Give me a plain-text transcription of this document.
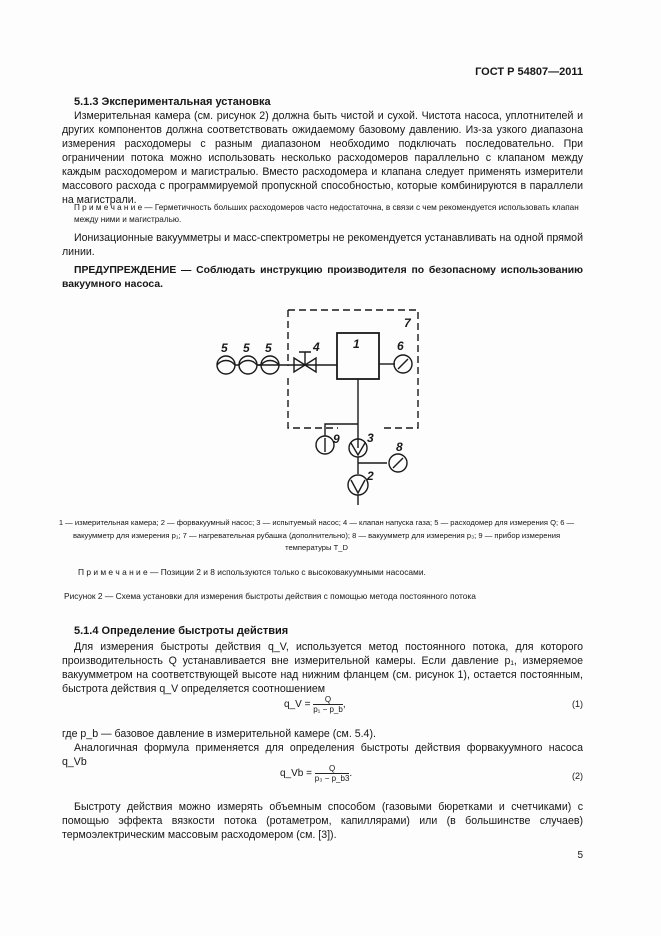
ГОСТ Р 54807—2011
5.1.3 Экспериментальная установка

Измерительная камера (см. рисунок 2) должна быть чистой и сухой. Чистота насоса, уплотнителей и других компонентов должна соответствовать ожидаемому базовому давлению. Из-за узкого диапазона измерения расходомеры с разным диапазоном необходимо подключать последовательно. При ограничении потока можно использовать несколько расходомеров параллельно с клапаном между каждым расходомером и магистралью. Вместо расходомера и клапана следует применять измерители массового расхода с программируемой пропускной способностью, которые комбинируются в параллели на магистрали.

П р и м е ч а н и е — Герметичность больших расходомеров часто недостаточна, в связи с чем рекомендуется использовать клапан между ними и магистралью.

Ионизационные вакуумметры и масс-спектрометры не рекомендуется устанавливать на одной прямой линии.

ПРЕДУПРЕЖДЕНИЕ — Соблюдать инструкцию производителя по безопасному использованию вакуумного насоса.

5 5 5	4	1	6
7
9 3
8
2

1 — измерительная камера; 2 — форвакуумный насос; 3 — испытуемый насос; 4 — клапан напуска газа; 5 — расходомер для измерения Q; 6 — вакуумметр для измерения p₁; 7 — нагревательная рубашка (дополнительно); 8 — вакуумметр для измерения p₃; 9 — прибор измерения температуры T_D

П р и м е ч а н и е — Позиции 2 и 8 используются только с высоковакуумными насосами.

Рисунок 2 — Схема установки для измерения быстроты действия с помощью метода постоянного потока

5.1.4 Определение быстроты действия

Для измерения быстроты действия q_V, используется метод постоянного потока, для которого производительность Q устанавливается вне измерительной камеры. Если давление p₁, измеряемое вакуумметром на соответствующей высоте над нижним фланцем (см. рисунок 1), остается постоянным, быстрота действия q_V определяется соотношением

q_V = $\frac{Q}{\text{p₁ − p\_b}}$ ,	(1)

где p_b — базовое давление в измерительной камере (см. 5.4).

Аналогичная формула применяется для определения быстроты действия форвакуумного насоса q_Vb

q_Vb = $\frac{Q}{\text{p₃ − p\_b3}}$ .	(2)

Быстроту действия можно измерять объемным способом (газовыми бюретками и счетчиками) с помощью эффекта вязкости потока (ротаметром, капиллярами) или (в большинстве случаев) термоэлектрическим массовым расходомером (см. [3]).

5
